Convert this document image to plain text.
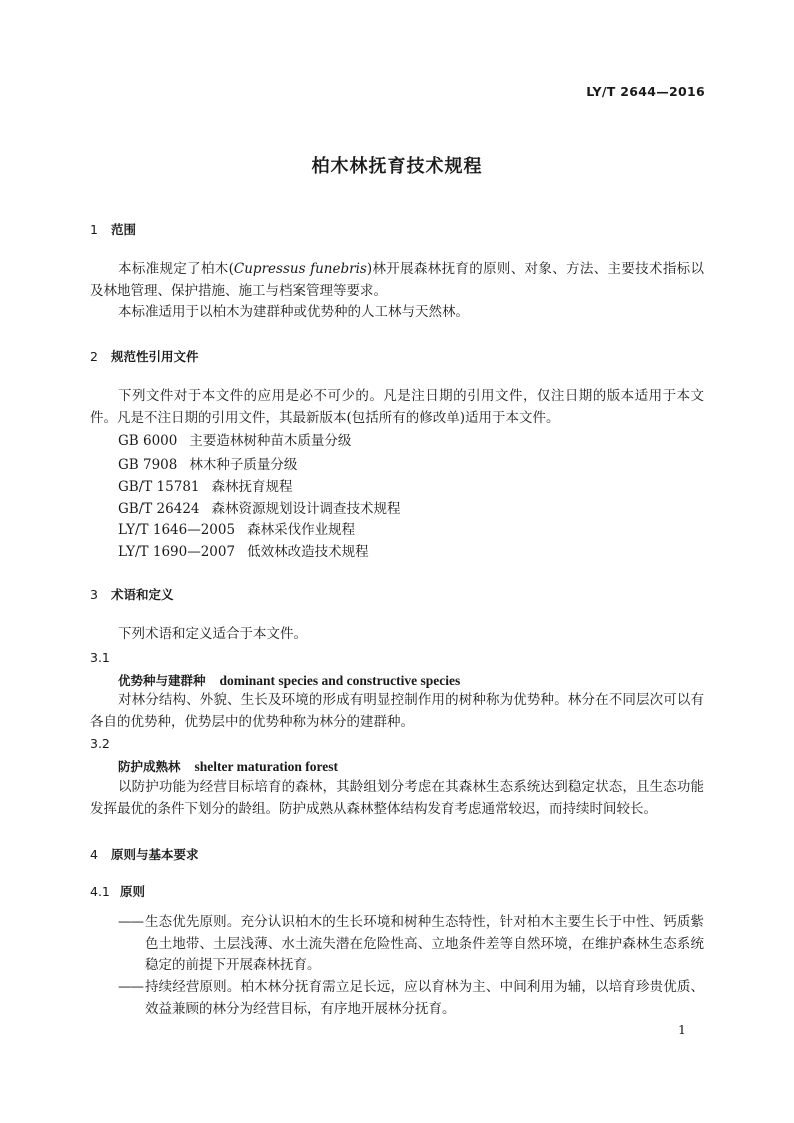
LY/T 2644—2016
柏木林抚育技术规程
1 范围
本标准规定了柏木(Cupressus funebris)林开展森林抚育的原则、对象、方法、主要技术指标以及林地管理、保护措施、施工与档案管理等要求。
本标准适用于以柏木为建群种或优势种的人工林与天然林。
2 规范性引用文件
下列文件对于本文件的应用是必不可少的。凡是注日期的引用文件，仅注日期的版本适用于本文件。凡是不注日期的引用文件，其最新版本(包括所有的修改单)适用于本文件。
GB 6000 主要造林树种苗木质量分级
GB 7908 林木种子质量分级
GB/T 15781 森林抚育规程
GB/T 26424 森林资源规划设计调查技术规程
LY/T 1646—2005 森林采伐作业规程
LY/T 1690—2007 低效林改造技术规程
3 术语和定义
下列术语和定义适合于本文件。
3.1
优势种与建群种 dominant species and constructive species
对林分结构、外貌、生长及环境的形成有明显控制作用的树种称为优势种。林分在不同层次可以有各自的优势种，优势层中的优势种称为林分的建群种。
3.2
防护成熟林 shelter maturation forest
以防护功能为经营目标培育的森林，其龄组划分考虑在其森林生态系统达到稳定状态，且生态功能发挥最优的条件下划分的龄组。防护成熟从森林整体结构发育考虑通常较迟，而持续时间较长。
4 原则与基本要求
4.1 原则
—— 生态优先原则。充分认识柏木的生长环境和树种生态特性，针对柏木主要生长于中性、钙质紫色土地带、土层浅薄、水土流失潜在危险性高、立地条件差等自然环境，在维护森林生态系统稳定的前提下开展森林抚育。
—— 持续经营原则。柏木林分抚育需立足长远，应以育林为主、中间利用为辅，以培育珍贵优质、效益兼顾的林分为经营目标，有序地开展林分抚育。
1
